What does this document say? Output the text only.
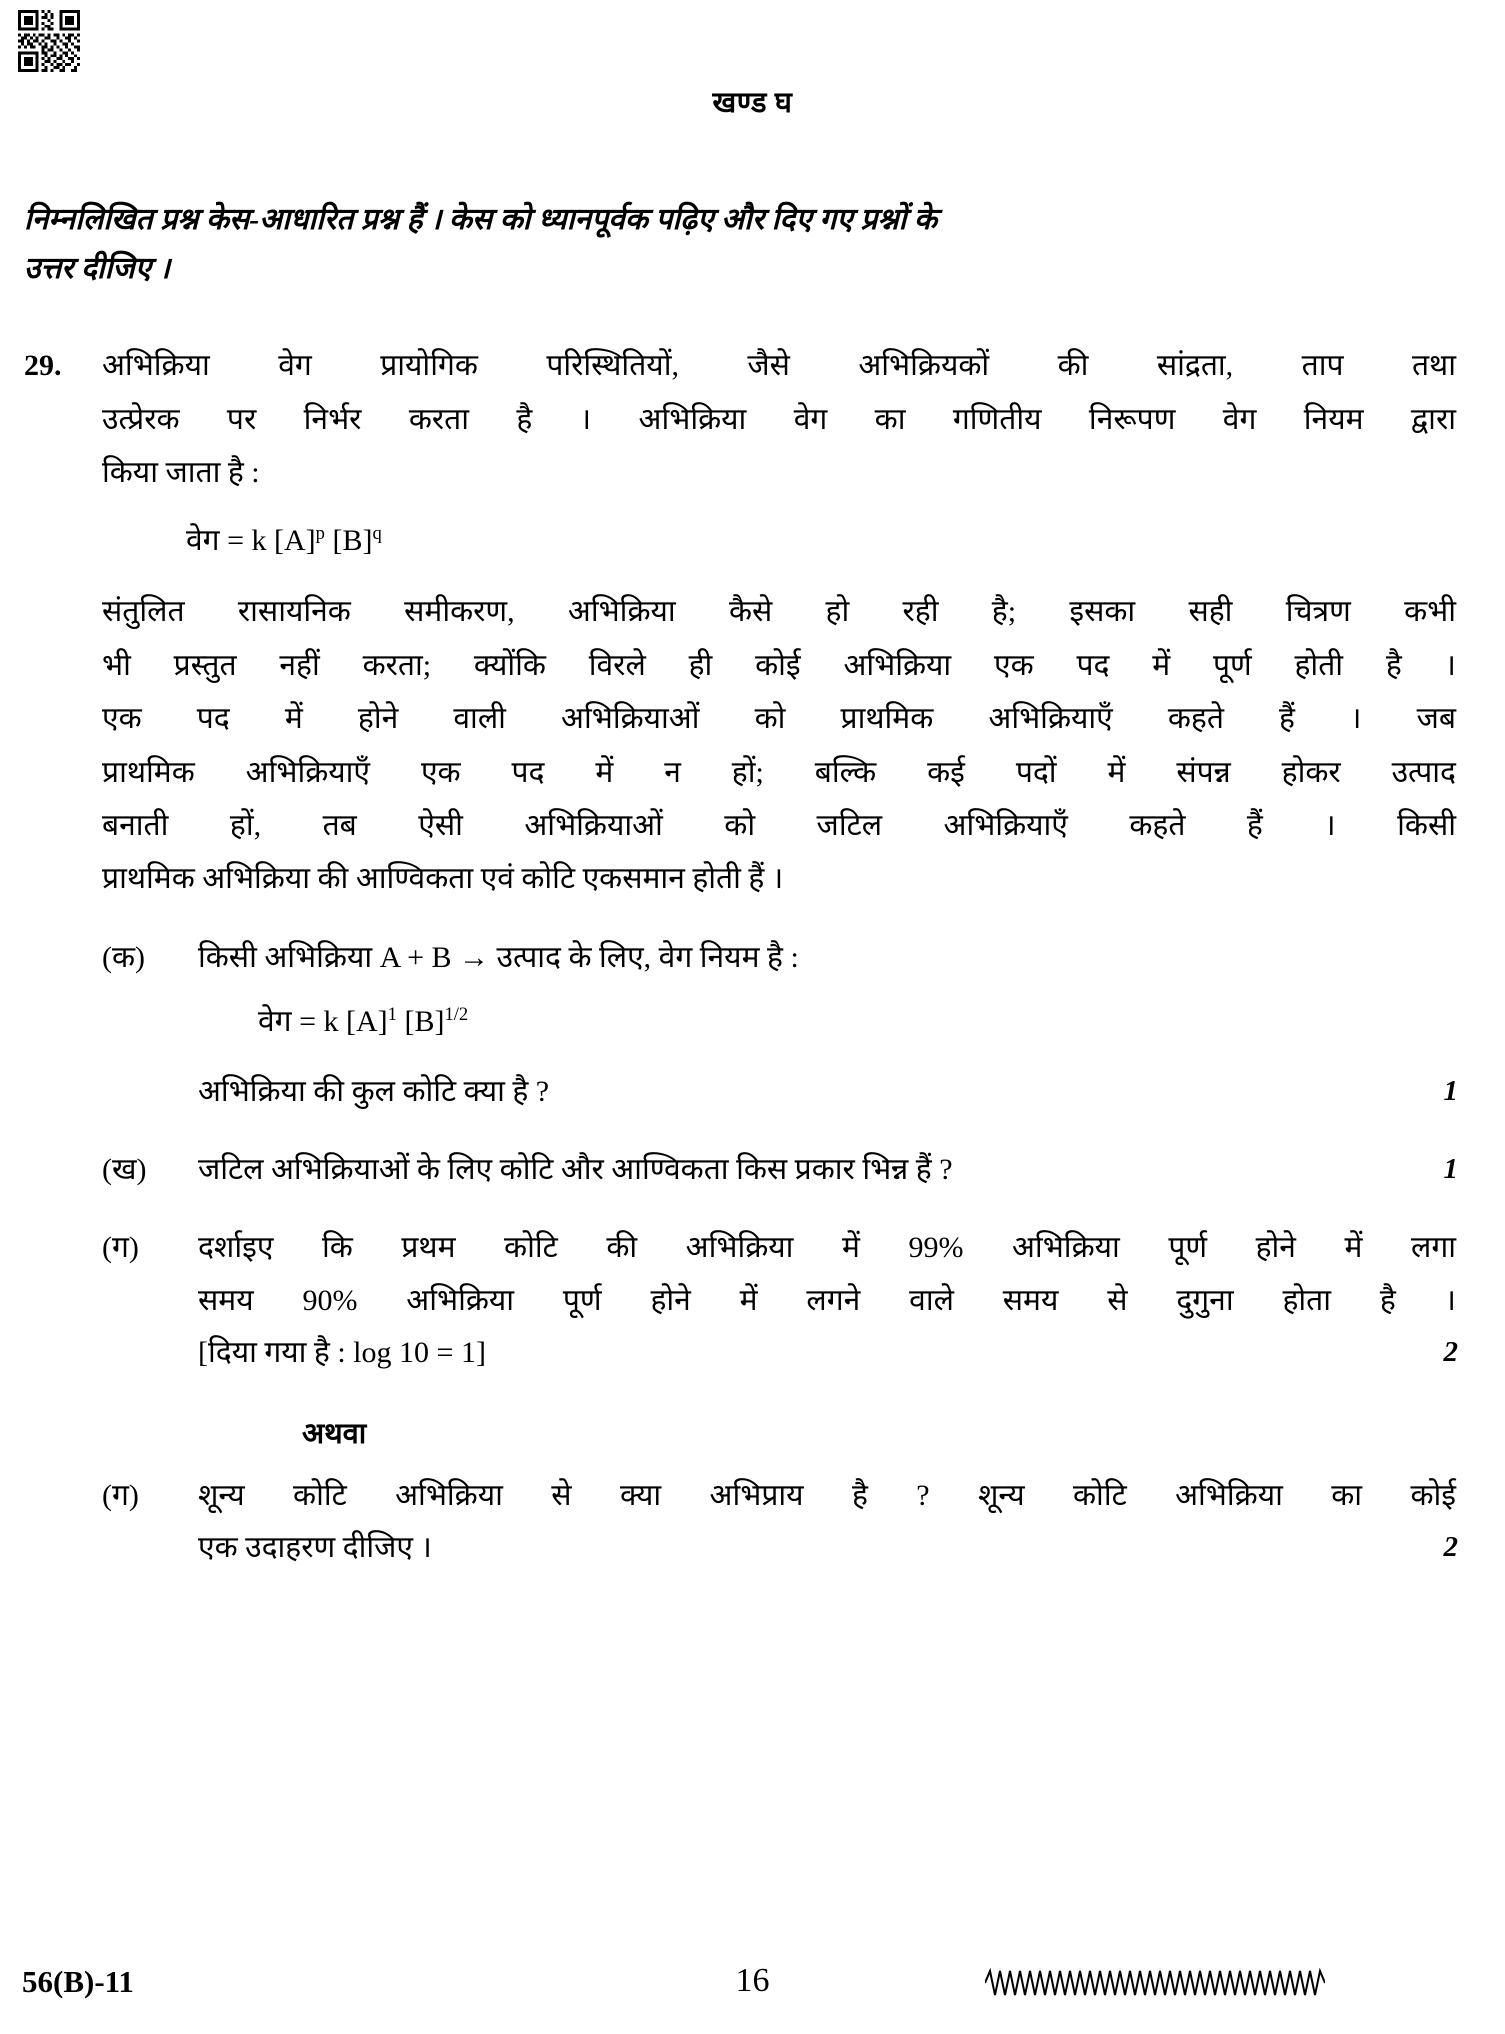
खण्ड घ
निम्नलिखित प्रश्न केस-आधारित प्रश्न हैं । केस को ध्यानपूर्वक पढ़िए और दिए गए प्रश्नों के
उत्तर दीजिए ।
29.	अभिक्रिया वेग प्रायोगिक परिस्थितियों, जैसे अभिक्रियकों की सांद्रता, ताप तथा
उत्प्रेरक पर निर्भर करता है । अभिक्रिया वेग का गणितीय निरूपण वेग नियम द्वारा
किया जाता है :
वेग = k $[A]^p$ $[B]^q$
संतुलित रासायनिक समीकरण, अभिक्रिया कैसे हो रही है; इसका सही चित्रण कभी
भी प्रस्तुत नहीं करता; क्योंकि विरले ही कोई अभिक्रिया एक पद में पूर्ण होती है ।
एक पद में होने वाली अभिक्रियाओं को प्राथमिक अभिक्रियाएँ कहते हैं । जब
प्राथमिक अभिक्रियाएँ एक पद में न हों; बल्कि कई पदों में संपन्न होकर उत्पाद
बनाती हों, तब ऐसी अभिक्रियाओं को जटिल अभिक्रियाएँ कहते हैं । किसी
प्राथमिक अभिक्रिया की आण्विकता एवं कोटि एकसमान होती हैं ।
(क)	किसी अभिक्रिया A + B → उत्पाद के लिए, वेग नियम है :
वेग = k $[A]^1$ $[B]^{1/2}$
अभिक्रिया की कुल कोटि क्या है ?	1
(ख)	जटिल अभिक्रियाओं के लिए कोटि और आण्विकता किस प्रकार भिन्न हैं ?	1
(ग)	दर्शाइए कि प्रथम कोटि की अभिक्रिया में 99% अभिक्रिया पूर्ण होने में लगा
समय 90% अभिक्रिया पूर्ण होने में लगने वाले समय से दुगुना होता है ।
[दिया गया है : log 10 = 1]	2
अथवा
(ग)	शून्य कोटि अभिक्रिया से क्या अभिप्राय है ? शून्य कोटि अभिक्रिया का कोई
एक उदाहरण दीजिए ।	2
56(B)-11	16
